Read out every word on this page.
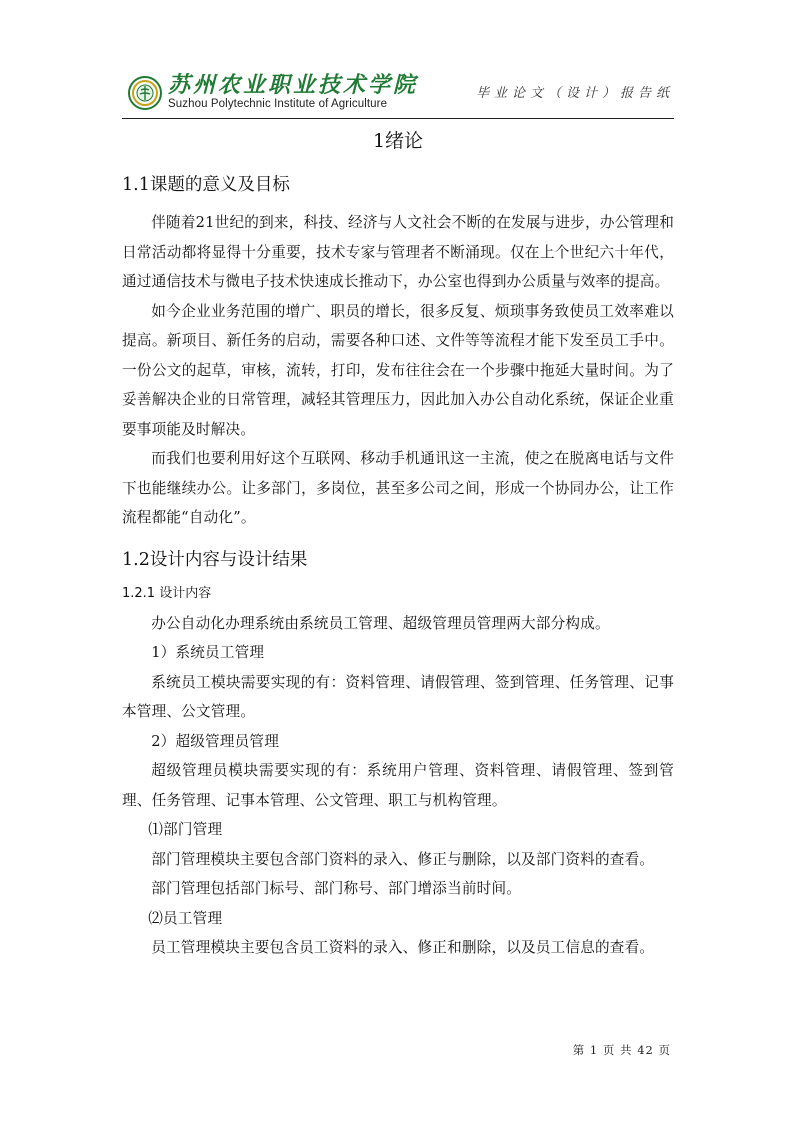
苏州农业职业技术学院
Suzhou Polytechnic Institute of Agriculture
毕业论文（设计）报告纸
1绪论
1.1课题的意义及目标

伴随着21世纪的到来，科技、经济与人文社会不断的在发展与进步，办公管理和日常活动都将显得十分重要，技术专家与管理者不断涌现。仅在上个世纪六十年代，通过通信技术与微电子技术快速成长推动下，办公室也得到办公质量与效率的提高。

如今企业业务范围的增广、职员的增长，很多反复、烦琐事务致使员工效率难以提高。新项目、新任务的启动，需要各种口述、文件等等流程才能下发至员工手中。一份公文的起草，审核，流转，打印，发布往往会在一个步骤中拖延大量时间。为了妥善解决企业的日常管理，减轻其管理压力，因此加入办公自动化系统，保证企业重要事项能及时解决。

而我们也要利用好这个互联网、移动手机通讯这一主流，使之在脱离电话与文件下也能继续办公。让多部门，多岗位，甚至多公司之间，形成一个协同办公，让工作流程都能“自动化”。

1.2设计内容与设计结果
1.2.1 设计内容

办公自动化办理系统由系统员工管理、超级管理员管理两大部分构成。

1）系统员工管理

系统员工模块需要实现的有：资料管理、请假管理、签到管理、任务管理、记事本管理、公文管理。

2）超级管理员管理

超级管理员模块需要实现的有：系统用户管理、资料管理、请假管理、签到管理、任务管理、记事本管理、公文管理、职工与机构管理。

⑴部门管理

部门管理模块主要包含部门资料的录入、修正与删除，以及部门资料的查看。

部门管理包括部门标号、部门称号、部门增添当前时间。

⑵员工管理

员工管理模块主要包含员工资料的录入、修正和删除，以及员工信息的查看。

第 1 页 共 42 页
